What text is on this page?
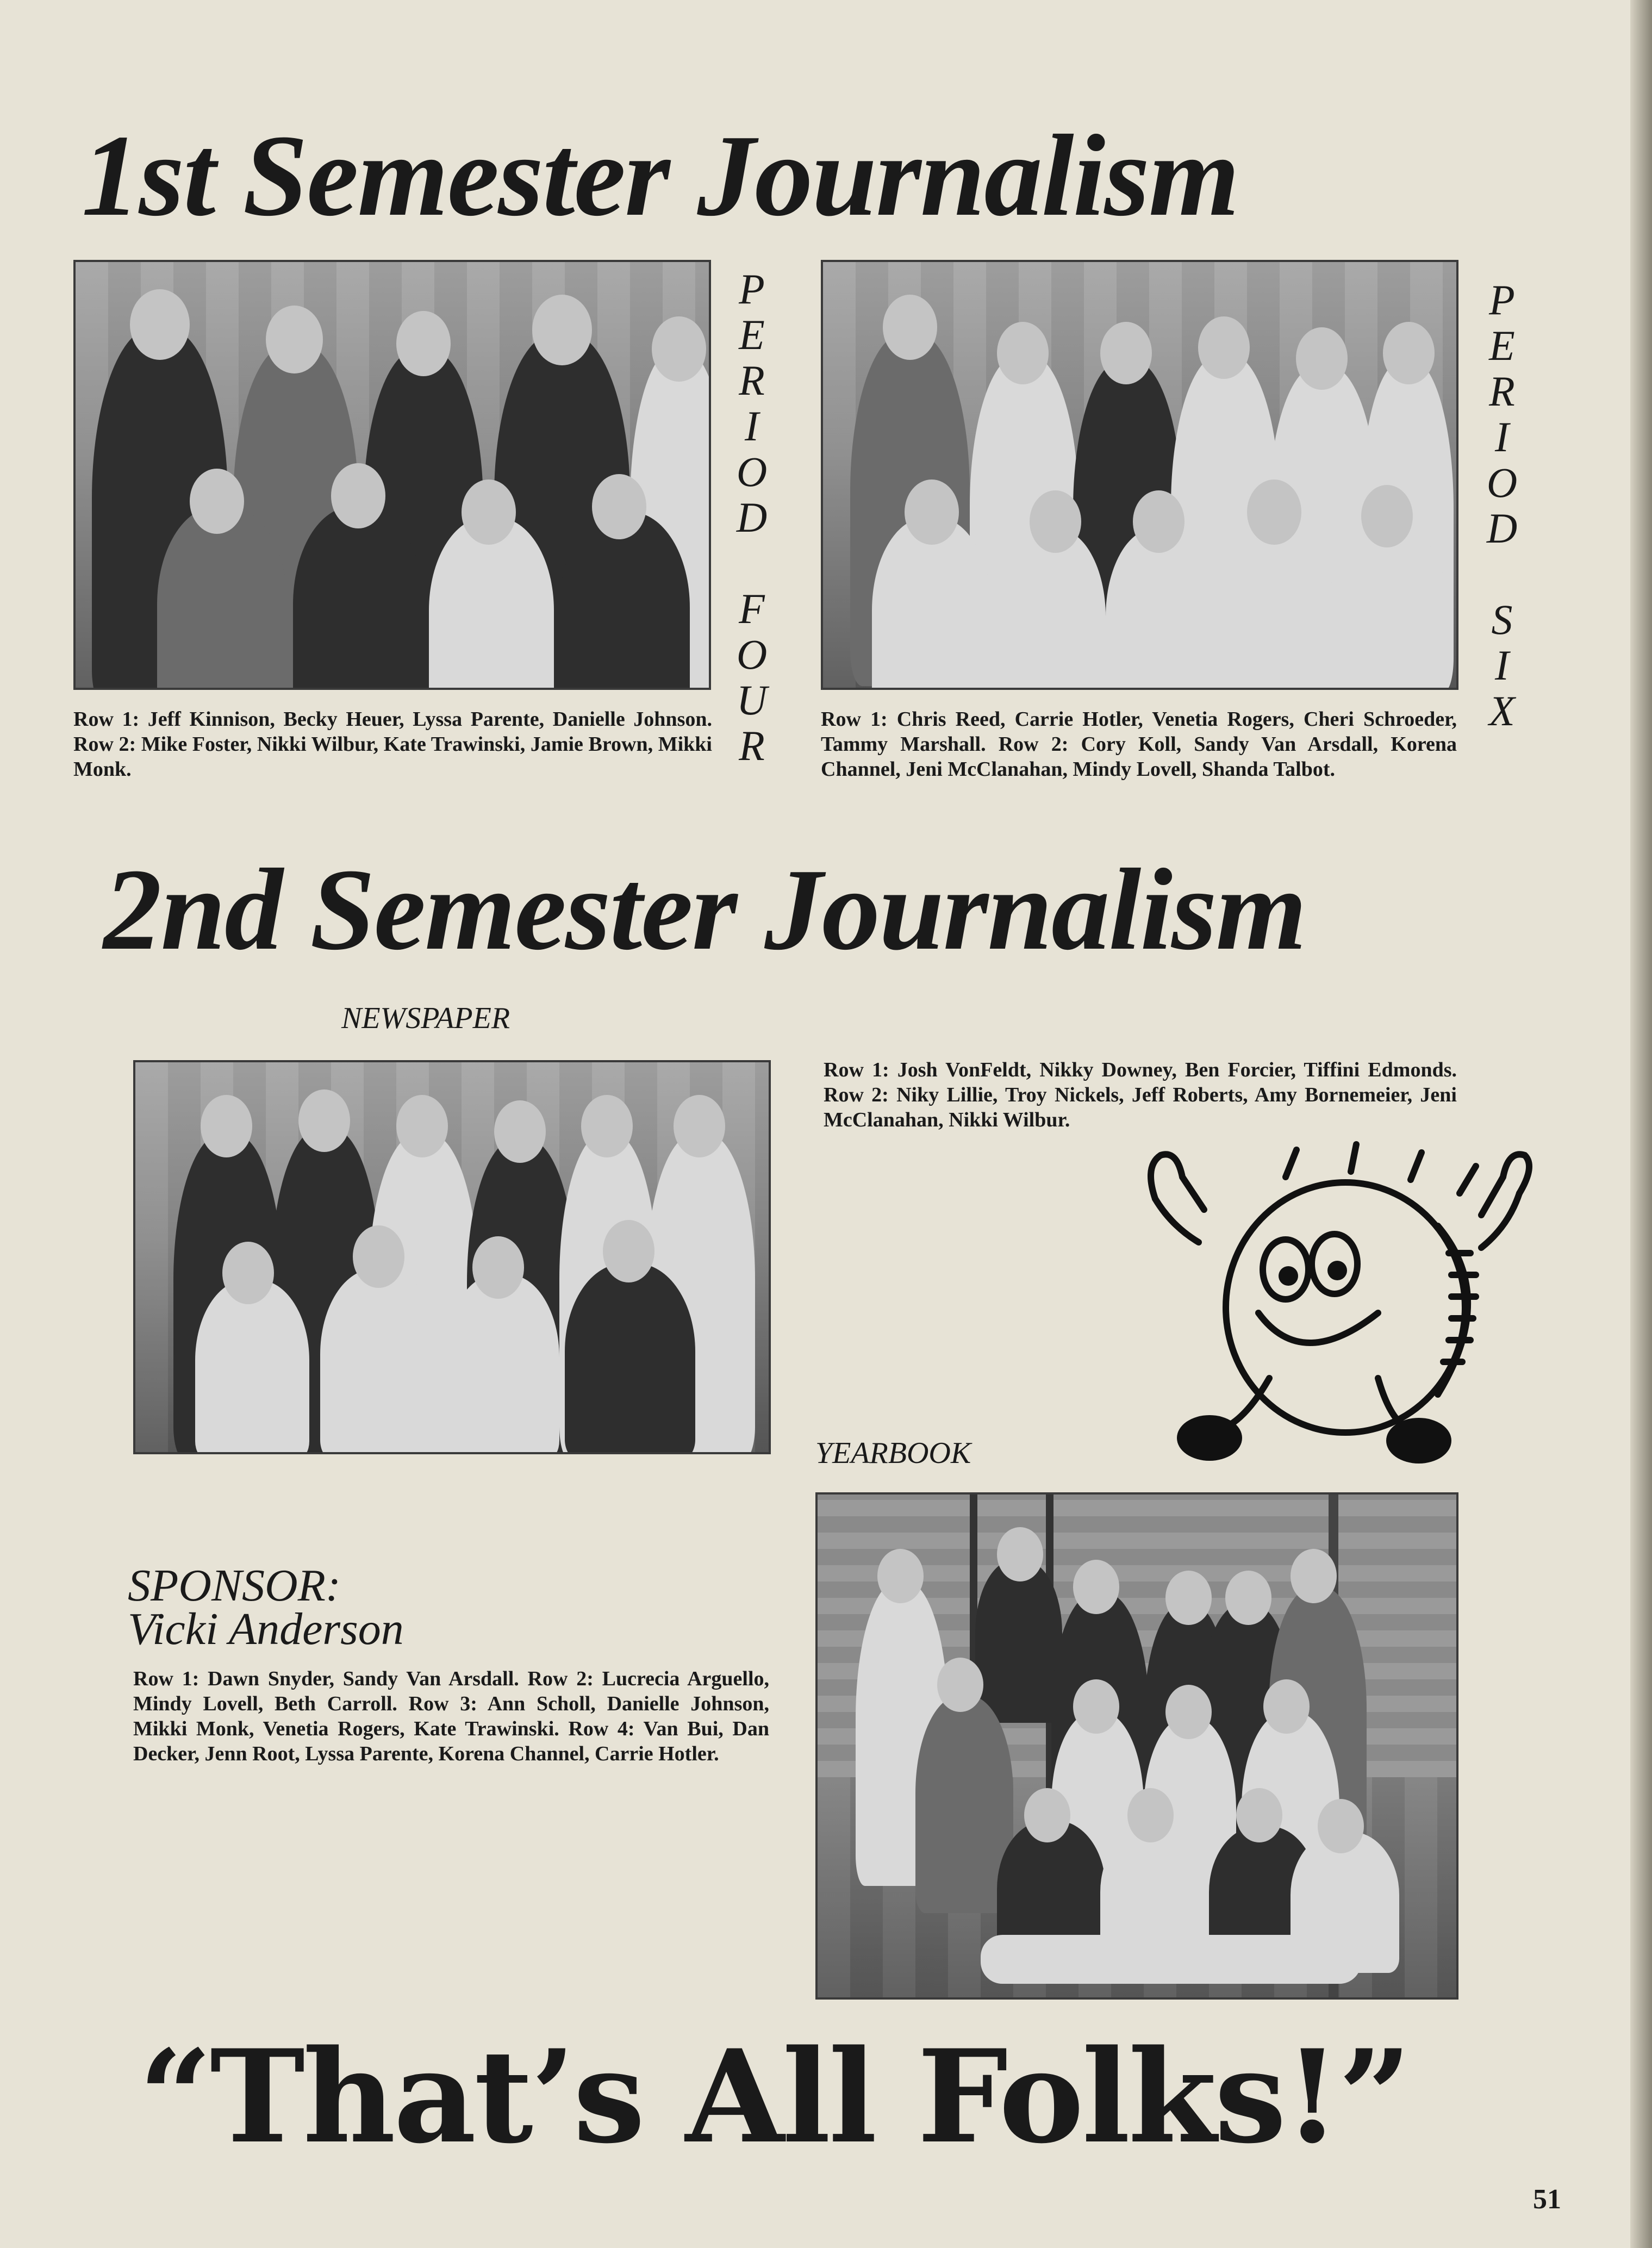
1st Semester Journalism
P
E
R
I
O
D
F
O
U
R
Row 1: Jeff Kinnison, Becky Heuer, Lyssa Parente, Danielle Johnson. Row 2: Mike Foster, Nikki Wilbur, Kate Trawinski, Jamie Brown, Mikki Monk.
P
E
R
I
O
D
S
I
X
Row 1: Chris Reed, Carrie Hotler, Venetia Rogers, Cheri Schroeder, Tammy Marshall. Row 2: Cory Koll, Sandy Van Arsdall, Korena Channel, Jeni McClanahan, Mindy Lovell, Shanda Talbot.
2nd Semester Journalism
NEWSPAPER
Row 1: Josh VonFeldt, Nikky Downey, Ben Forcier, Tiffini Edmonds. Row 2: Niky Lillie, Troy Nickels, Jeff Roberts, Amy Bornemeier, Jeni McClanahan, Nikki Wilbur.
YEARBOOK
SPONSOR:
Vicki Anderson
Row 1: Dawn Snyder, Sandy Van Arsdall. Row 2: Lucrecia Arguello, Mindy Lovell, Beth Carroll. Row 3: Ann Scholl, Danielle Johnson, Mikki Monk, Venetia Rogers, Kate Trawinski. Row 4: Van Bui, Dan Decker, Jenn Root, Lyssa Parente, Korena Channel, Carrie Hotler.
“That’s All Folks!”
51
